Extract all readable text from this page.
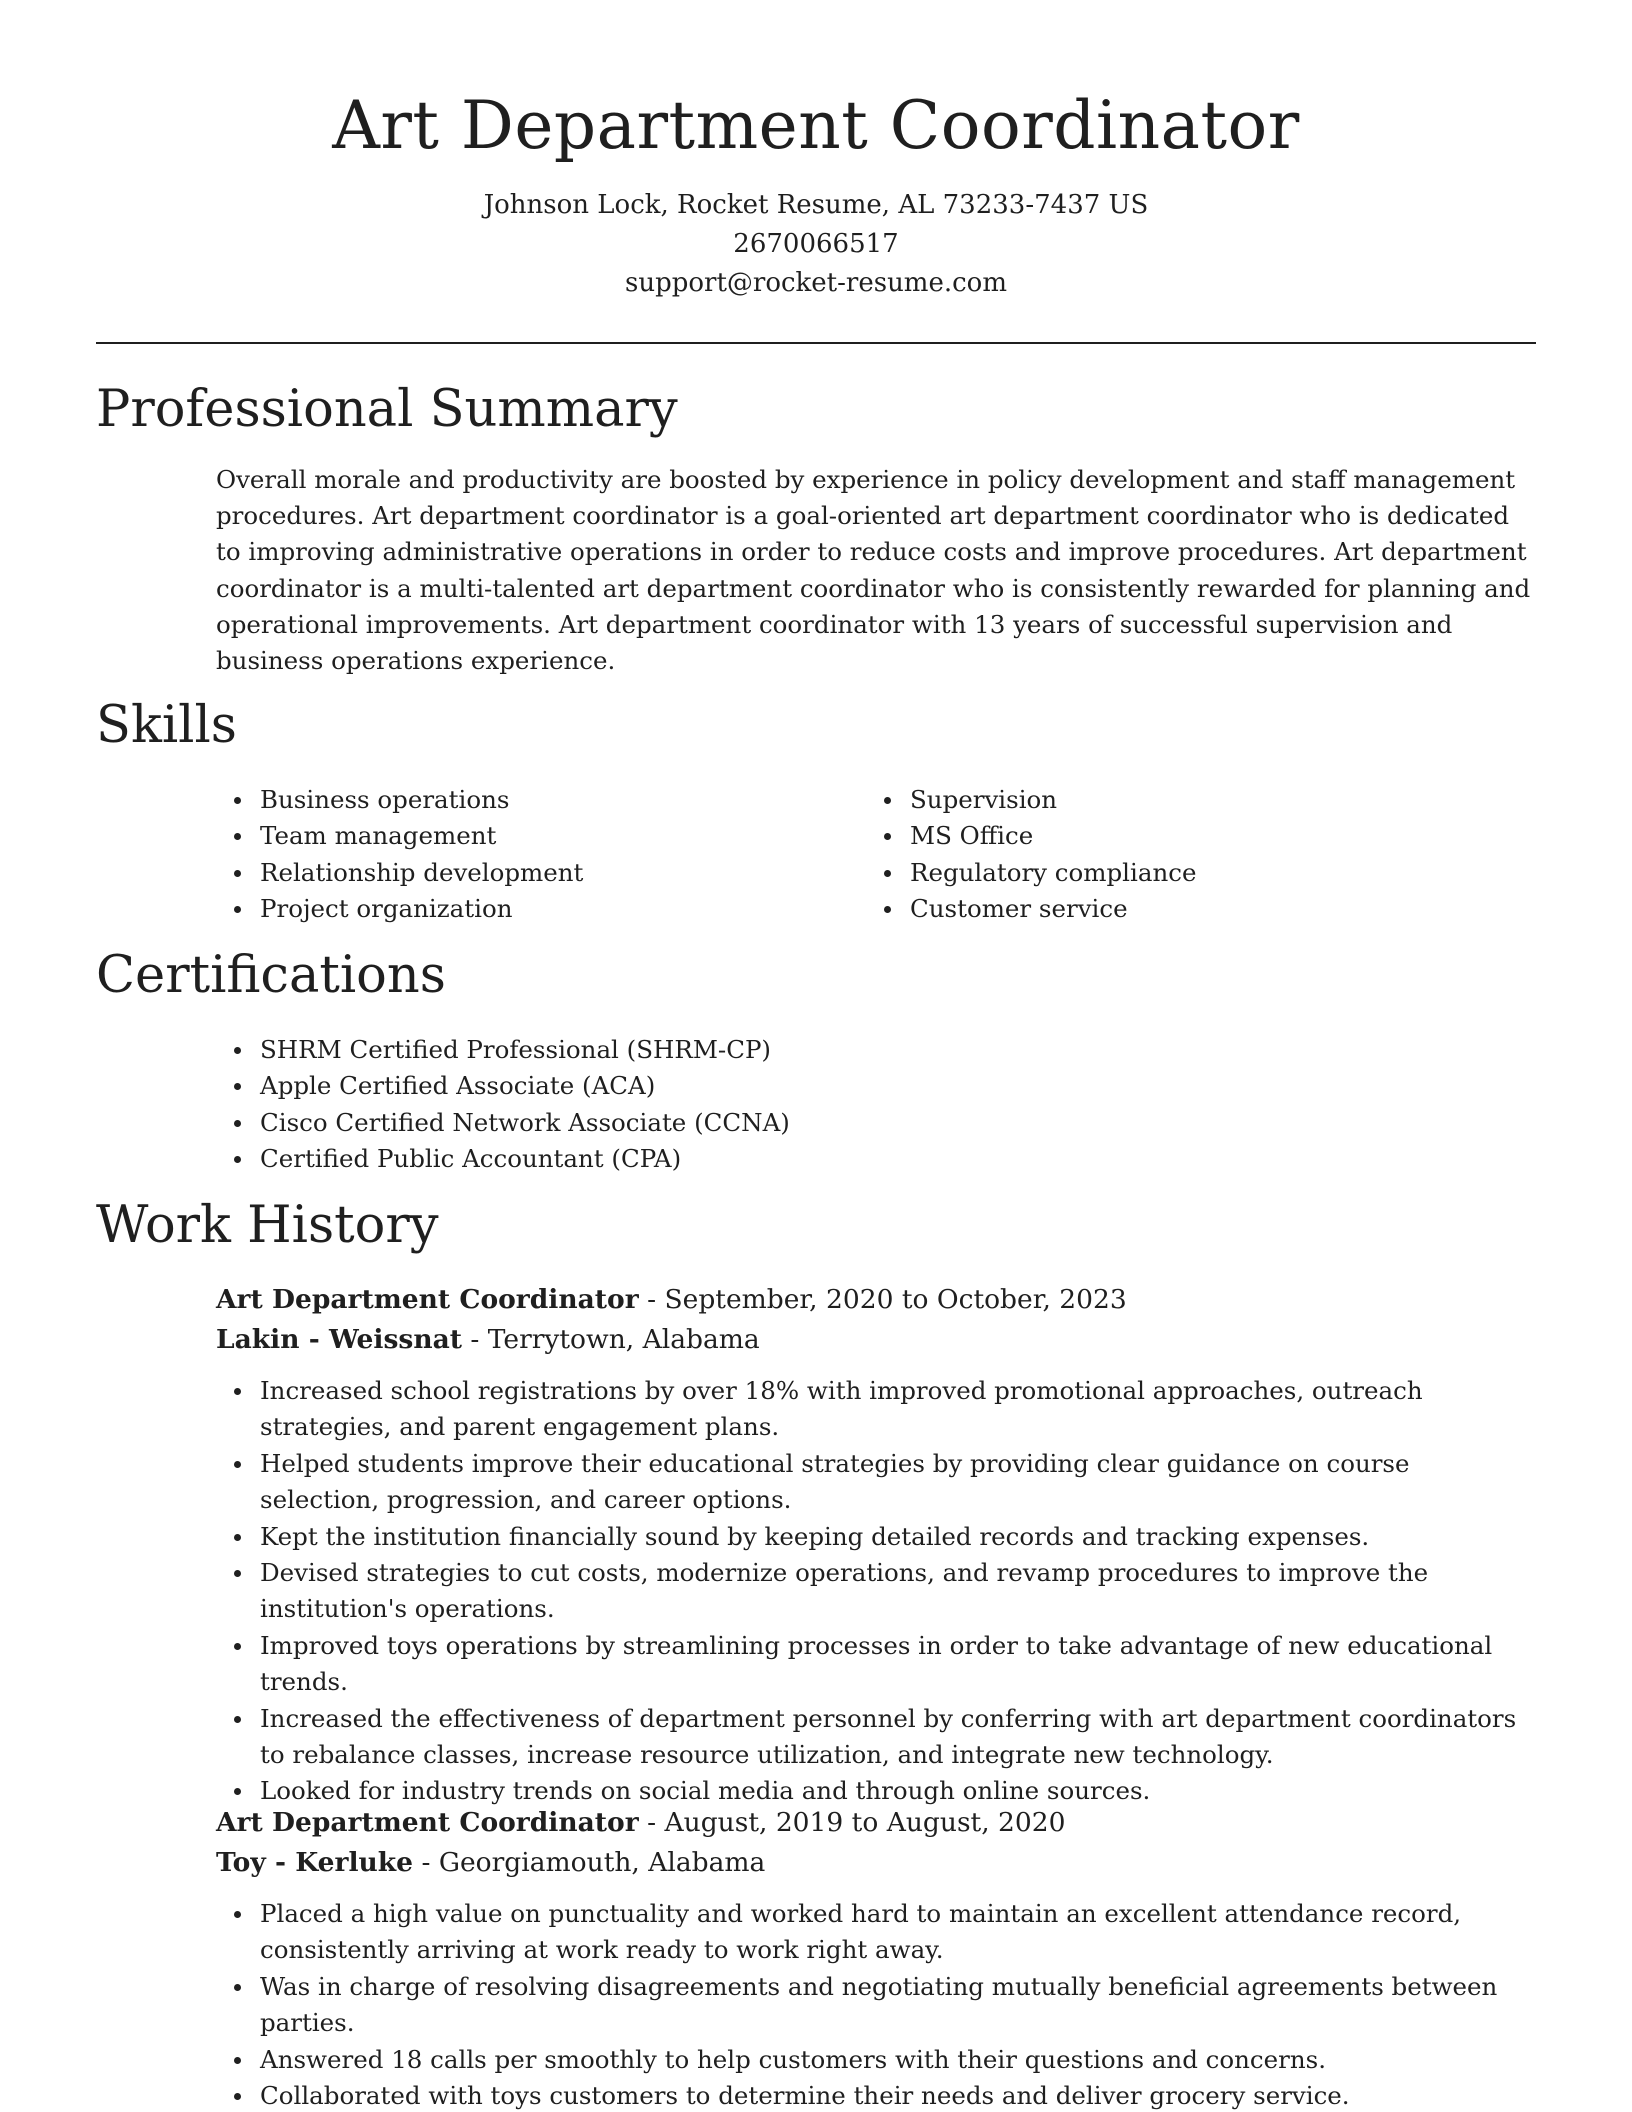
Art Department Coordinator
Johnson Lock, Rocket Resume, AL 73233-7437 US
2670066517
support@rocket-resume.com
Professional Summary

Overall morale and productivity are boosted by experience in policy development and staff management procedures. Art department coordinator is a goal-oriented art department coordinator who is dedicated to improving administrative operations in order to reduce costs and improve procedures. Art department coordinator is a multi-talented art department coordinator who is consistently rewarded for planning and operational improvements. Art department coordinator with 13 years of successful supervision and business operations experience.

Skills
Business operations
Team management
Relationship development
Project organization
Supervision
MS Office
Regulatory compliance
Customer service
Certifications
SHRM Certified Professional (SHRM-CP)
Apple Certified Associate (ACA)
Cisco Certified Network Associate (CCNA)
Certified Public Accountant (CPA)
Work History
Art Department Coordinator - September, 2020 to October, 2023
Lakin - Weissnat - Terrytown, Alabama
Increased school registrations by over 18% with improved promotional approaches, outreach strategies, and parent engagement plans.
Helped students improve their educational strategies by providing clear guidance on course selection, progression, and career options.
Kept the institution financially sound by keeping detailed records and tracking expenses.
Devised strategies to cut costs, modernize operations, and revamp procedures to improve the institution's operations.
Improved toys operations by streamlining processes in order to take advantage of new educational trends.
Increased the effectiveness of department personnel by conferring with art department coordinators to rebalance classes, increase resource utilization, and integrate new technology.
Looked for industry trends on social media and through online sources.
Art Department Coordinator - August, 2019 to August, 2020
Toy - Kerluke - Georgiamouth, Alabama
Placed a high value on punctuality and worked hard to maintain an excellent attendance record, consistently arriving at work ready to work right away.
Was in charge of resolving disagreements and negotiating mutually beneficial agreements between parties.
Answered 18 calls per smoothly to help customers with their questions and concerns.
Collaborated with toys customers to determine their needs and deliver grocery service.
